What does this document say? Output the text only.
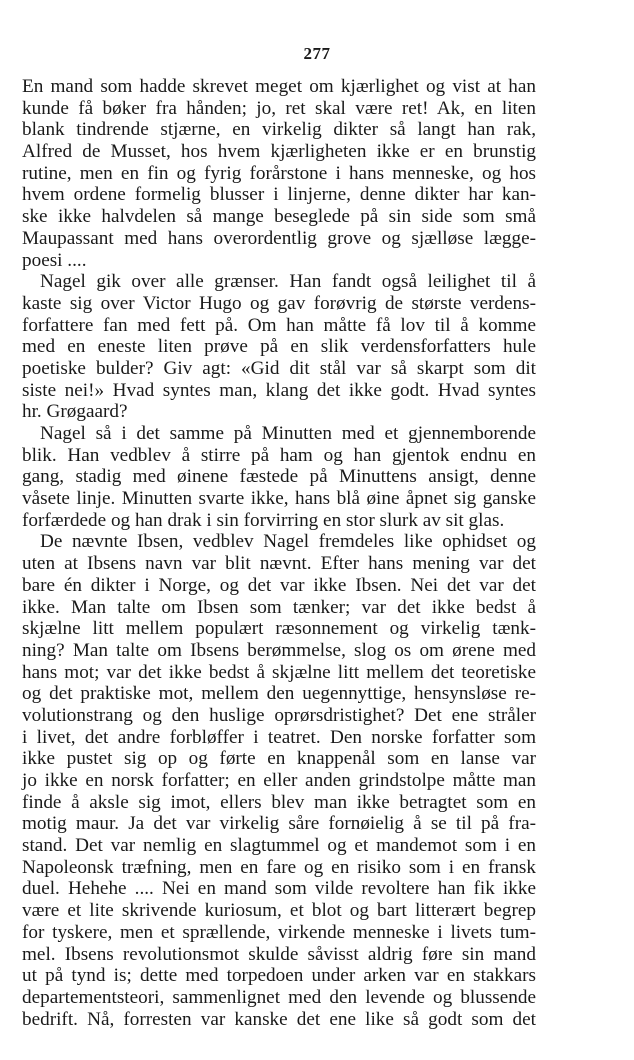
277
En mand som hadde skrevet meget om kjærlighet og vist at han
kunde få bøker fra hånden; jo, ret skal være ret! Ak, en liten
blank tindrende stjærne, en virkelig dikter så langt han rak,
Alfred de Musset, hos hvem kjærligheten ikke er en brunstig
rutine, men en fin og fyrig forårstone i hans menneske, og hos
hvem ordene formelig blusser i linjerne, denne dikter har kan-
ske ikke halvdelen så mange beseglede på sin side som små
Maupassant med hans overordentlig grove og sjælløse lægge-
poesi ....
Nagel gik over alle grænser. Han fandt også leilighet til å
kaste sig over Victor Hugo og gav forøvrig de største verdens-
forfattere fan med fett på. Om han måtte få lov til å komme
med en eneste liten prøve på en slik verdensforfatters hule
poetiske bulder? Giv agt: «Gid dit stål var så skarpt som dit
siste nei!» Hvad syntes man, klang det ikke godt. Hvad syntes
hr. Grøgaard?
Nagel så i det samme på Minutten med et gjennemborende
blik. Han vedblev å stirre på ham og han gjentok endnu en
gang, stadig med øinene fæstede på Minuttens ansigt, denne
våsete linje. Minutten svarte ikke, hans blå øine åpnet sig ganske
forfærdede og han drak i sin forvirring en stor slurk av sit glas.
De nævnte Ibsen, vedblev Nagel fremdeles like ophidset og
uten at Ibsens navn var blit nævnt. Efter hans mening var det
bare én dikter i Norge, og det var ikke Ibsen. Nei det var det
ikke. Man talte om Ibsen som tænker; var det ikke bedst å
skjælne litt mellem populært ræsonnement og virkelig tænk-
ning? Man talte om Ibsens berømmelse, slog os om ørene med
hans mot; var det ikke bedst å skjælne litt mellem det teoretiske
og det praktiske mot, mellem den uegennyttige, hensynsløse re-
volutionstrang og den huslige oprørsdristighet? Det ene stråler
i livet, det andre forbløffer i teatret. Den norske forfatter som
ikke pustet sig op og førte en knappenål som en lanse var
jo ikke en norsk forfatter; en eller anden grindstolpe måtte man
finde å aksle sig imot, ellers blev man ikke betragtet som en
motig maur. Ja det var virkelig såre fornøielig å se til på fra-
stand. Det var nemlig en slagtummel og et mandemot som i en
Napoleonsk træfning, men en fare og en risiko som i en fransk
duel. Hehehe .... Nei en mand som vilde revoltere han fik ikke
være et lite skrivende kuriosum, et blot og bart litterært begrep
for tyskere, men et sprællende, virkende menneske i livets tum-
mel. Ibsens revolutionsmot skulde såvisst aldrig føre sin mand
ut på tynd is; dette med torpedoen under arken var en stakkars
departementsteori, sammenlignet med den levende og blussende
bedrift. Nå, forresten var kanske det ene like så godt som det
